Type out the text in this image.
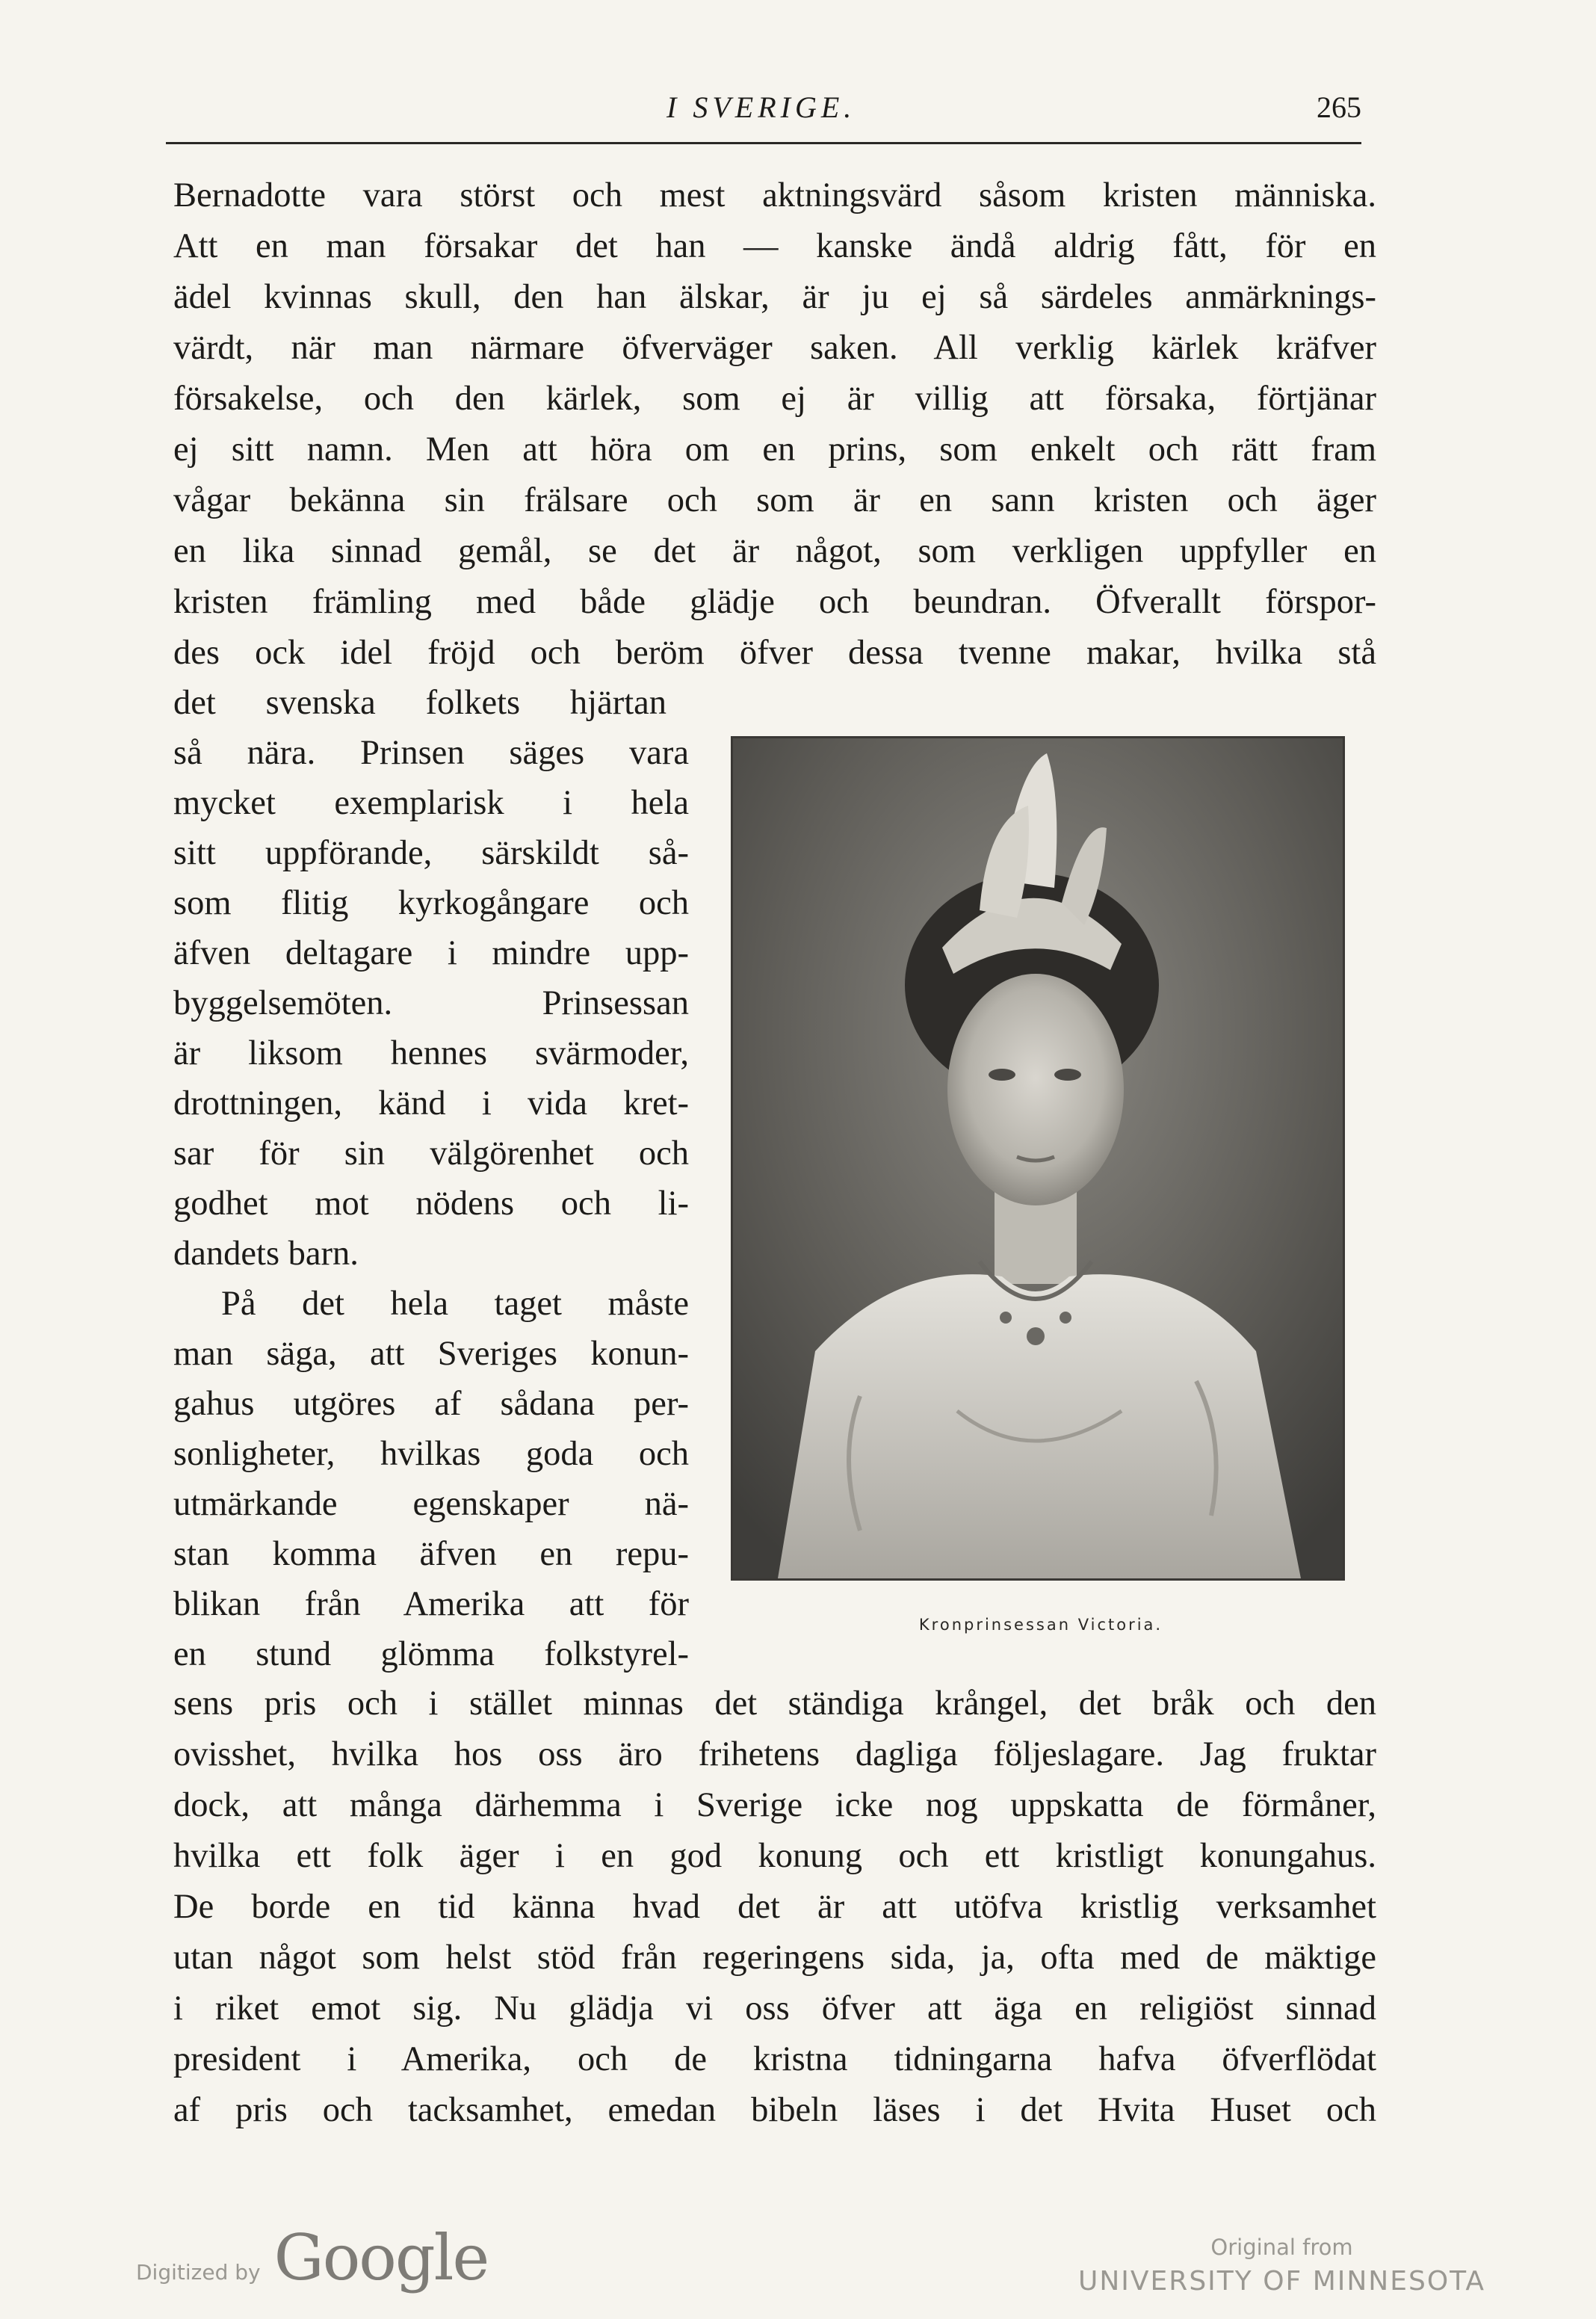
I SVERIGE.	265
Bernadotte vara störst och mest aktningsvärd såsom kristen människa.
Att en man försakar det han — kanske ändå aldrig fått, för en
ädel kvinnas skull, den han älskar, är ju ej så särdeles anmärknings-
värdt, när man närmare öfverväger saken. All verklig kärlek kräfver
försakelse, och den kärlek, som ej är villig att försaka, förtjänar
ej sitt namn. Men att höra om en prins, som enkelt och rätt fram
vågar bekänna sin frälsare och som är en sann kristen och äger
en lika sinnad gemål, se det är något, som verkligen uppfyller en
kristen främling med både glädje och beundran. Öfverallt förspor-
des ock idel fröjd och beröm öfver dessa tvenne makar, hvilka stå
det svenska folkets hjärtan
så nära. Prinsen säges vara
mycket exemplarisk i hela
sitt uppförande, särskildt så-
som flitig kyrkogångare och
äfven deltagare i mindre upp-
byggelsemöten. Prinsessan
är liksom hennes svärmoder,
drottningen, känd i vida kret-
sar för sin välgörenhet och
godhet mot nödens och li-
dandets barn.
På det hela taget måste
man säga, att Sveriges konun-
gahus utgöres af sådana per-
sonligheter, hvilkas goda och
utmärkande egenskaper nä-
stan komma äfven en repu-
blikan från Amerika att för
en stund glömma folkstyrel-
sens pris och i stället minnas det ständiga krångel, det bråk och den
ovisshet, hvilka hos oss äro frihetens dagliga följeslagare. Jag fruktar
dock, att många därhemma i Sverige icke nog uppskatta de förmåner,
hvilka ett folk äger i en god konung och ett kristligt konungahus.
De borde en tid känna hvad det är att utöfva kristlig verksamhet
utan något som helst stöd från regeringens sida, ja, ofta med de mäktige
i riket emot sig. Nu glädja vi oss öfver att äga en religiöst sinnad
president i Amerika, och de kristna tidningarna hafva öfverflödat
af pris och tacksamhet, emedan bibeln läses i det Hvita Huset och
Kronprinsessan Victoria.
Digitized by Google	Original from
UNIVERSITY OF MINNESOTA
